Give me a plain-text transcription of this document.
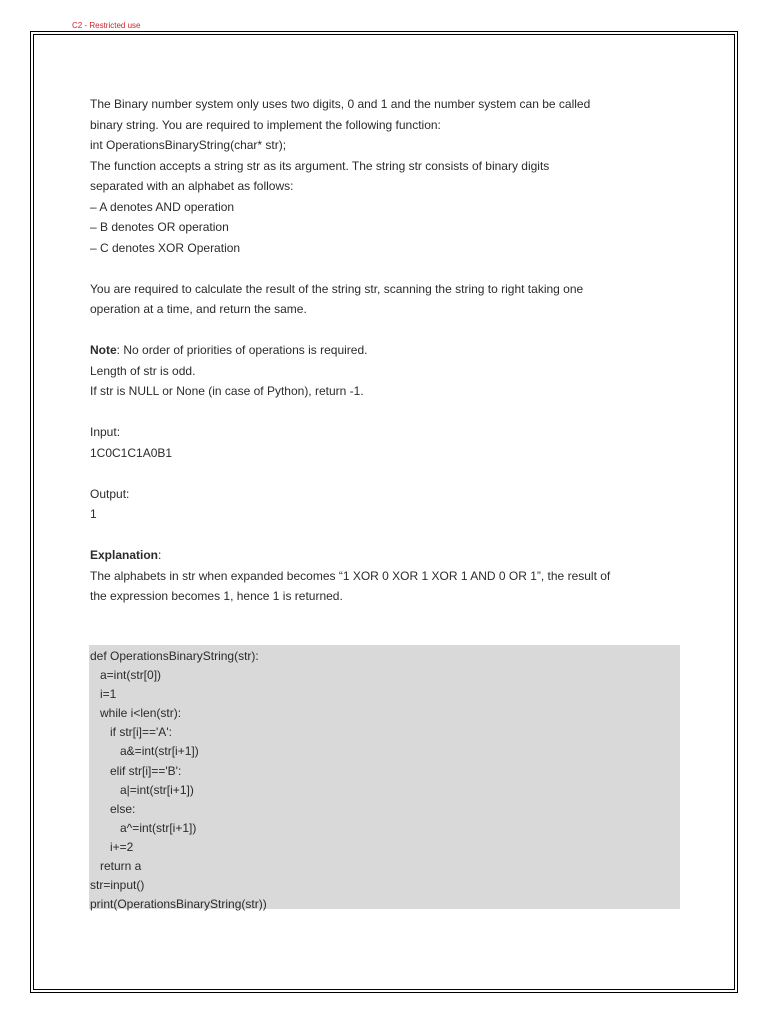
C2 - Restricted use
The Binary number system only uses two digits, 0 and 1 and the number system can be called
binary string. You are required to implement the following function:
int OperationsBinaryString(char* str);
The function accepts a string str as its argument. The string str consists of binary digits
separated with an alphabet as follows:
– A denotes AND operation
– B denotes OR operation
– C denotes XOR Operation
You are required to calculate the result of the string str, scanning the string to right taking one
operation at a time, and return the same.
Note: No order of priorities of operations is required.
Length of str is odd.
If str is NULL or None (in case of Python), return -1.
Input:
1C0C1C1A0B1
Output:
1
Explanation:
The alphabets in str when expanded becomes “1 XOR 0 XOR 1 XOR 1 AND 0 OR 1”, the result of
the expression becomes 1, hence 1 is returned.
def OperationsBinaryString(str):
a=int(str[0])
i=1
while i<len(str):
if str[i]=='A':
a&=int(str[i+1])
elif str[i]=='B':
a|=int(str[i+1])
else:
a^=int(str[i+1])
i+=2
return a
str=input()
print(OperationsBinaryString(str))
